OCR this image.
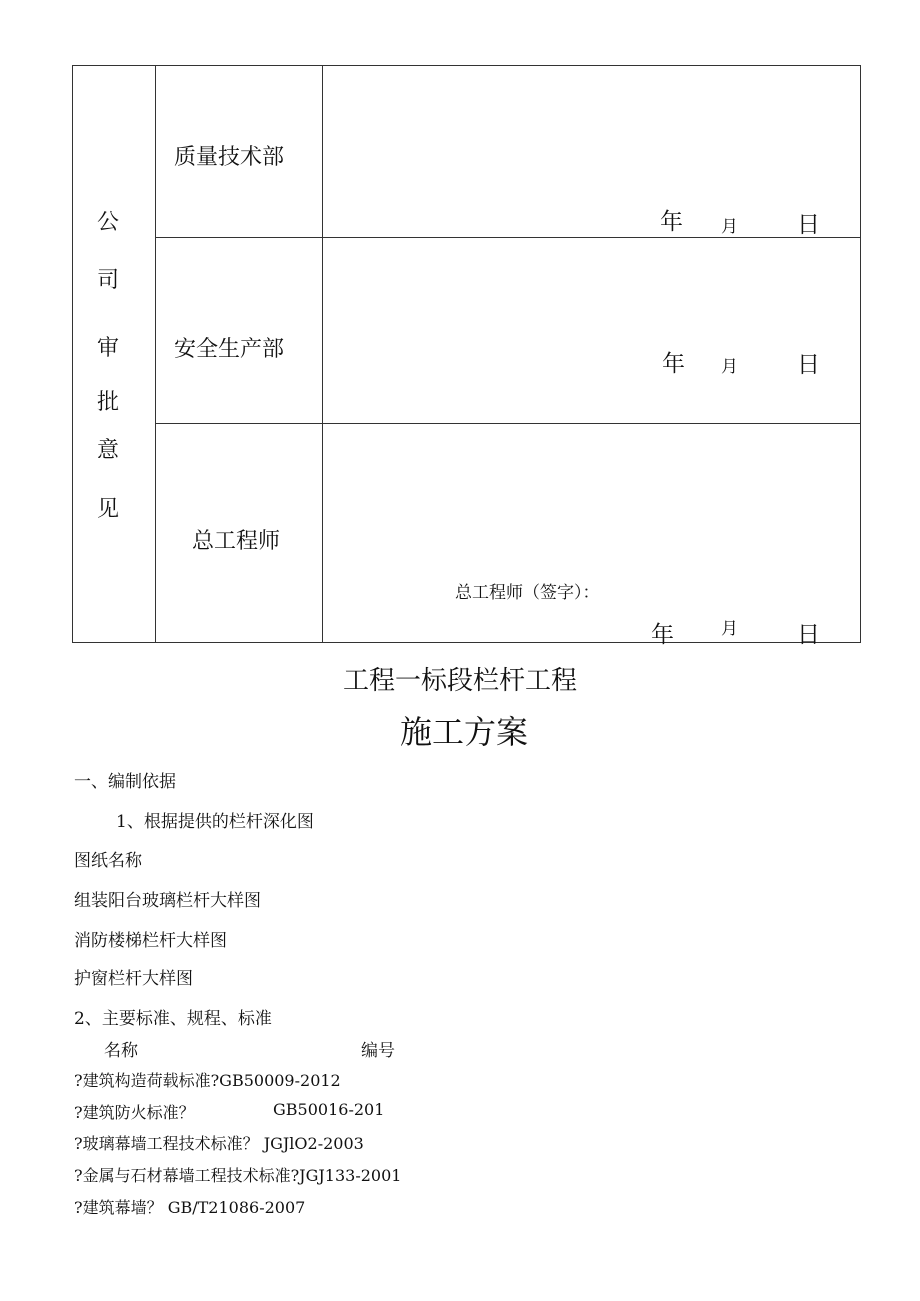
公
司
审
批
意
见
质量技术部
年 月	日
安全生产部
年 月	日
总工程师
总工程师（签字）：
年	月	日
工程一标段栏杆工程
施工方案
一、编制依据
1、根据提供的栏杆深化图
图纸名称
组装阳台玻璃栏杆大样图
消防楼梯栏杆大样图
护窗栏杆大样图
2、主要标准、规程、标准
名称	编号
?建筑构造荷载标准?GB50009-2012
?建筑防火标准？	GB50016-201
?玻璃幕墙工程技术标准？ JGJlO2-2003
?金属与石材幕墙工程技术标准?JGJ133-2001
?建筑幕墙？ GB/T21086-2007
